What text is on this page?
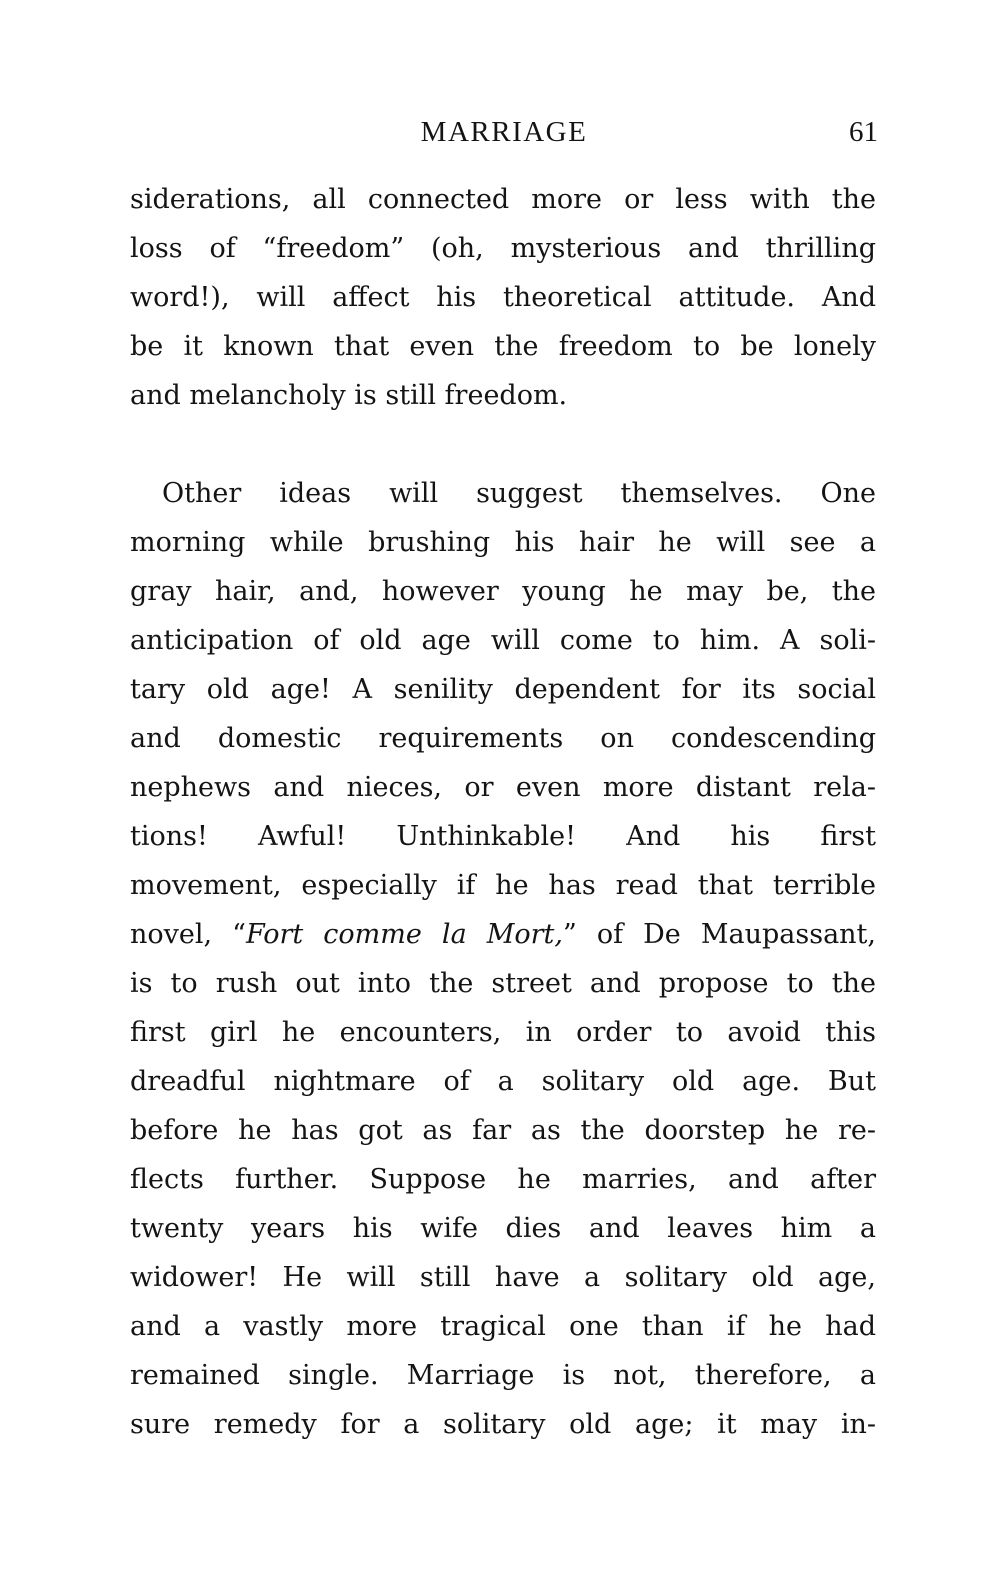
MARRIAGE	61
siderations, all connected more or less with the
loss of “freedom” (oh, mysterious and thrilling
word!), will affect his theoretical attitude. And
be it known that even the freedom to be lonely
and melancholy is still freedom.
Other ideas will suggest themselves. One
morning while brushing his hair he will see a
gray hair, and, however young he may be, the
anticipation of old age will come to him. A soli-
tary old age! A senility dependent for its social
and domestic requirements on condescending
nephews and nieces, or even more distant rela-
tions! Awful! Unthinkable! And his first
movement, especially if he has read that terrible
novel, “Fort comme la Mort,” of De Maupassant,
is to rush out into the street and propose to the
first girl he encounters, in order to avoid this
dreadful nightmare of a solitary old age. But
before he has got as far as the doorstep he re-
flects further. Suppose he marries, and after
twenty years his wife dies and leaves him a
widower! He will still have a solitary old age,
and a vastly more tragical one than if he had
remained single. Marriage is not, therefore, a
sure remedy for a solitary old age; it may in-
